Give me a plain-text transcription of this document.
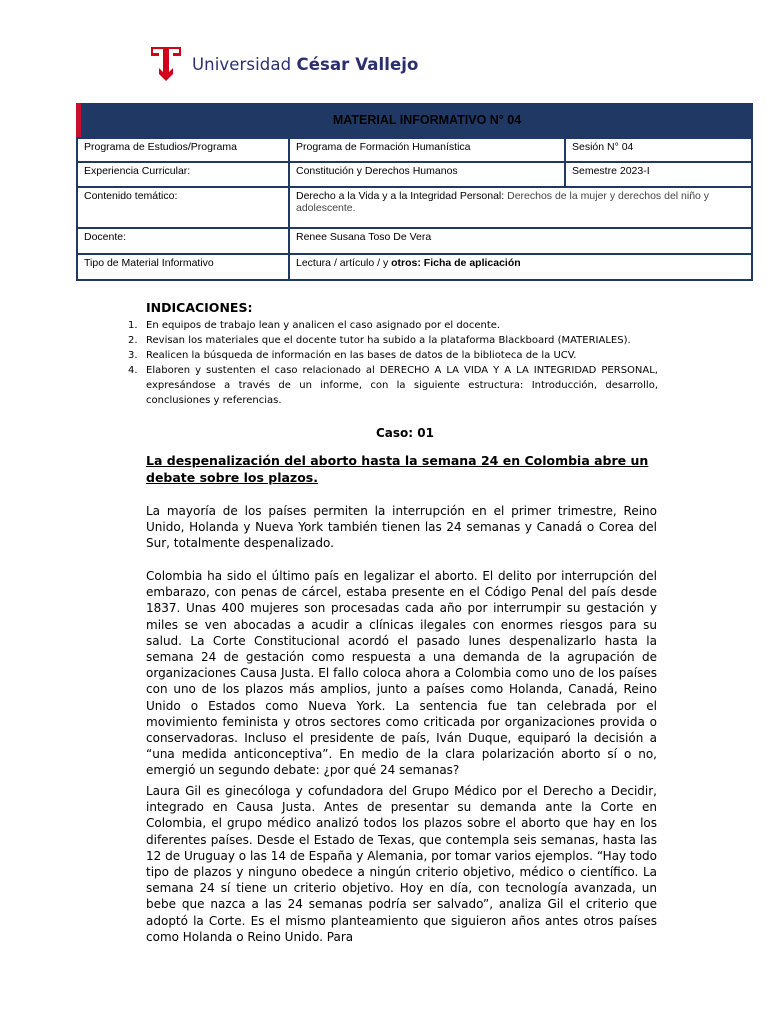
Universidad César Vallejo
MATERIAL INFORMATIVO N° 04
Programa de Estudios/Programa	Programa de Formación Humanística	Sesión N° 04
Experiencia Curricular:	Constitución y Derechos Humanos	Semestre 2023-I
Contenido temático:	Derecho a la Vida y a la Integridad Personal: Derechos de la mujer y derechos del niño y adolescente.	
Docente:	Renee Susana Toso De Vera	
Tipo de Material Informativo	Lectura / artículo / y otros: Ficha de aplicación	
INDICACIONES:
1. En equipos de trabajo lean y analicen el caso asignado por el docente.
2. Revisan los materiales que el docente tutor ha subido a la plataforma Blackboard (MATERIALES).
3. Realicen la búsqueda de información en las bases de datos de la biblioteca de la UCV.
4. Elaboren y sustenten el caso relacionado al DERECHO A LA VIDA Y A LA INTEGRIDAD PERSONAL, expresándose a través de un informe, con la siguiente estructura: Introducción, desarrollo, conclusiones y referencias.
Caso: 01
La despenalización del aborto hasta la semana 24 en Colombia abre un debate sobre los plazos.

La mayoría de los países permiten la interrupción en el primer trimestre, Reino Unido, Holanda y Nueva York también tienen las 24 semanas y Canadá o Corea del Sur, totalmente despenalizado.

Colombia ha sido el último país en legalizar el aborto. El delito por interrupción del embarazo, con penas de cárcel, estaba presente en el Código Penal del país desde 1837. Unas 400 mujeres son procesadas cada año por interrumpir su gestación y miles se ven abocadas a acudir a clínicas ilegales con enormes riesgos para su salud. La Corte Constitucional acordó el pasado lunes despenalizarlo hasta la semana 24 de gestación como respuesta a una demanda de la agrupación de organizaciones Causa Justa. El fallo coloca ahora a Colombia como uno de los países con uno de los plazos más amplios, junto a países como Holanda, Canadá, Reino Unido o Estados como Nueva York. La sentencia fue tan celebrada por el movimiento feminista y otros sectores como criticada por organizaciones provida o conservadoras. Incluso el presidente de país, Iván Duque, equiparó la decisión a “una medida anticonceptiva”. En medio de la clara polarización aborto sí o no, emergió un segundo debate: ¿por qué 24 semanas?

Laura Gil es ginecóloga y cofundadora del Grupo Médico por el Derecho a Decidir, integrado en Causa Justa. Antes de presentar su demanda ante la Corte en Colombia, el grupo médico analizó todos los plazos sobre el aborto que hay en los diferentes países. Desde el Estado de Texas, que contempla seis semanas, hasta las 12 de Uruguay o las 14 de España y Alemania, por tomar varios ejemplos. “Hay todo tipo de plazos y ninguno obedece a ningún criterio objetivo, médico o científico. La semana 24 sí tiene un criterio objetivo. Hoy en día, con tecnología avanzada, un bebe que nazca a las 24 semanas podría ser salvado”, analiza Gil el criterio que adoptó la Corte. Es el mismo planteamiento que siguieron años antes otros países como Holanda o Reino Unido. Para
